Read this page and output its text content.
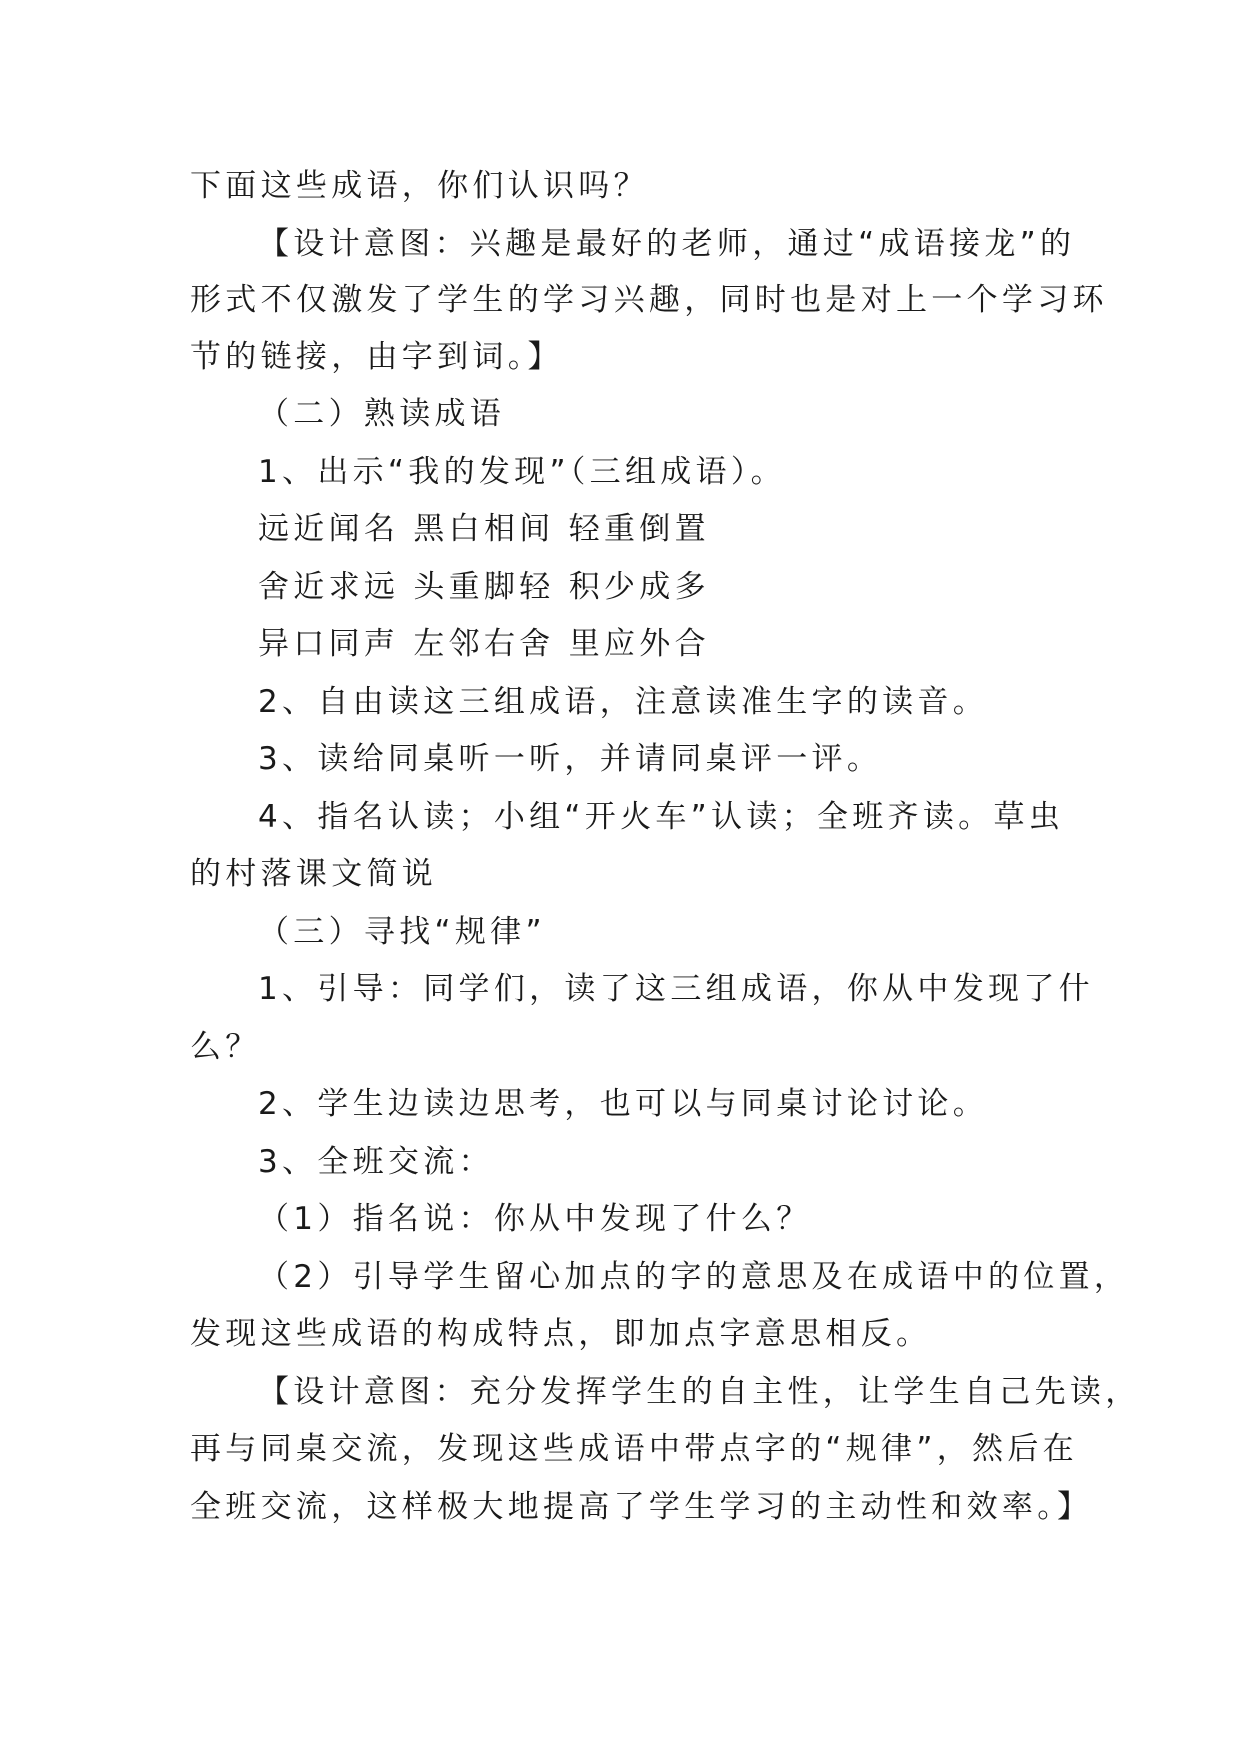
下面这些成语，你们认识吗？
【设计意图：兴趣是最好的老师，通过“成语接龙”的
形式不仅激发了学生的学习兴趣，同时也是对上一个学习环
节的链接，由字到词。】
（二）熟读成语
1、出示“我的发现”（三组成语）。
远近闻名 黑白相间 轻重倒置
舍近求远 头重脚轻 积少成多
异口同声 左邻右舍 里应外合
2、自由读这三组成语，注意读准生字的读音。
3、读给同桌听一听，并请同桌评一评。
4、指名认读；小组“开火车”认读；全班齐读。草虫
的村落课文简说
（三）寻找“规律”
1、引导：同学们，读了这三组成语，你从中发现了什
么？
2、学生边读边思考，也可以与同桌讨论讨论。
3、全班交流：
（1）指名说：你从中发现了什么？
（2）引导学生留心加点的字的意思及在成语中的位置，
发现这些成语的构成特点，即加点字意思相反。
【设计意图：充分发挥学生的自主性，让学生自己先读，
再与同桌交流，发现这些成语中带点字的“规律”，然后在
全班交流，这样极大地提高了学生学习的主动性和效率。】
